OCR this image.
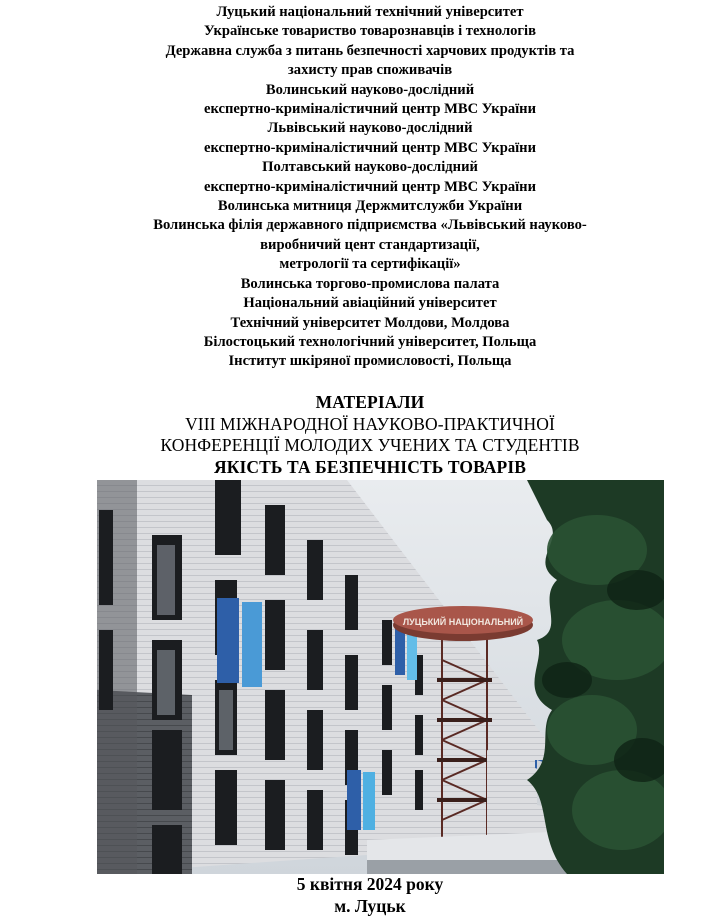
Луцький національний технічний університет
Українське товариство товарознавців і технологів
Державна служба з питань безпечності харчових продуктів та
захисту прав споживачів
Волинський науково-дослідний
експертно-криміналістичний центр МВС України
Львівський науково-дослідний
експертно-криміналістичний центр МВС України
Полтавський науково-дослідний
експертно-криміналістичний центр МВС України
Волинська митниця Держмитслужби України
Волинська філія державного підприємства «Львівський науково-
виробничий цент стандартизації,
метрології та сертифікації»
Волинська торгово-промислова палата
Національний авіаційний університет
Технічний університет Молдови, Молдова
Білостоцький технологічний університет, Польща
Інститут шкіряної промисловості, Польща
МАТЕРІАЛИ
VIII МІЖНАРОДНОЇ НАУКОВО-ПРАКТИЧНОЇ
КОНФЕРЕНЦІЇ МОЛОДИХ УЧЕНИХ ТА СТУДЕНТІВ
ЯКІСТЬ ТА БЕЗПЕЧНІСТЬ ТОВАРІВ
ЛУЦЬКИЙ НАЦІОНАЛЬНИЙ
5 квітня 2024 року
м. Луцьк
